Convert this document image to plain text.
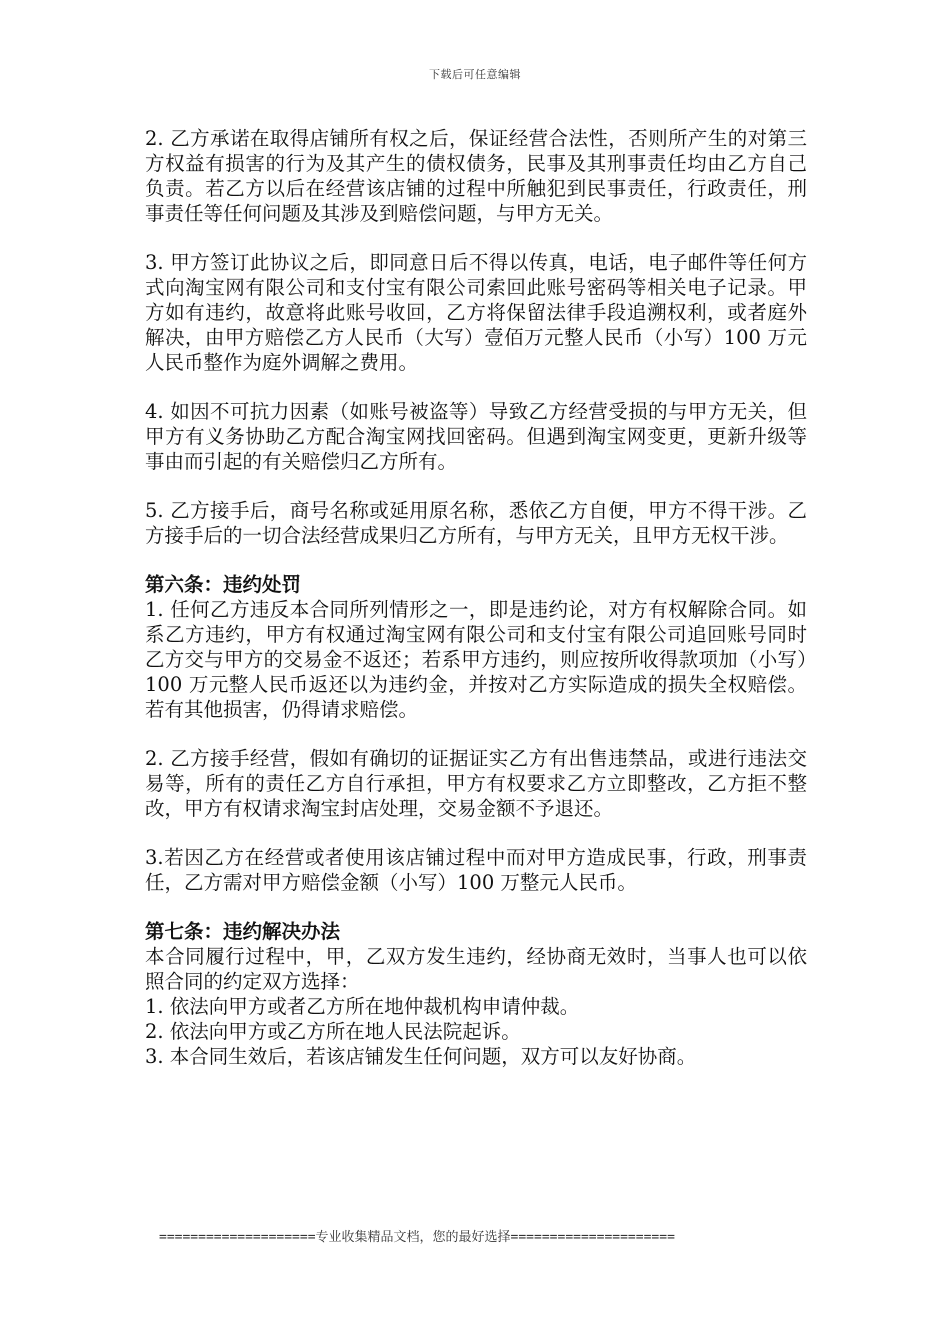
下载后可任意编辑

2. 乙方承诺在取得店铺所有权之后，保证经营合法性，否则所产生的对第三方权益有损害的行为及其产生的债权债务，民事及其刑事责任均由乙方自己负责。若乙方以后在经营该店铺的过程中所触犯到民事责任，行政责任，刑事责任等任何问题及其涉及到赔偿问题，与甲方无关。

3. 甲方签订此协议之后，即同意日后不得以传真，电话，电子邮件等任何方式向淘宝网有限公司和支付宝有限公司索回此账号密码等相关电子记录。甲方如有违约，故意将此账号收回，乙方将保留法律手段追溯权利，或者庭外解决，由甲方赔偿乙方人民币（大写）壹佰万元整人民币（小写）100 万元人民币整作为庭外调解之费用。

4. 如因不可抗力因素（如账号被盗等）导致乙方经营受损的与甲方无关，但甲方有义务协助乙方配合淘宝网找回密码。但遇到淘宝网变更，更新升级等事由而引起的有关赔偿归乙方所有。

5. 乙方接手后，商号名称或延用原名称，悉依乙方自便，甲方不得干涉。乙方接手后的一切合法经营成果归乙方所有，与甲方无关，且甲方无权干涉。

第六条：违约处罚

1. 任何乙方违反本合同所列情形之一，即是违约论，对方有权解除合同。如系乙方违约，甲方有权通过淘宝网有限公司和支付宝有限公司追回账号同时乙方交与甲方的交易金不返还；若系甲方违约，则应按所收得款项加（小写）100 万元整人民币返还以为违约金，并按对乙方实际造成的损失全权赔偿。若有其他损害，仍得请求赔偿。

2. 乙方接手经营，假如有确切的证据证实乙方有出售违禁品，或进行违法交易等，所有的责任乙方自行承担，甲方有权要求乙方立即整改，乙方拒不整改，甲方有权请求淘宝封店处理，交易金额不予退还。

3.若因乙方在经营或者使用该店铺过程中而对甲方造成民事，行政，刑事责任，乙方需对甲方赔偿金额（小写）100 万整元人民币。

第七条：违约解决办法

本合同履行过程中，甲，乙双方发生违约，经协商无效时，当事人也可以依照合同的约定双方选择：

1. 依法向甲方或者乙方所在地仲裁机构申请仲裁。
2. 依法向甲方或乙方所在地人民法院起诉。
3. 本合同生效后，若该店铺发生任何问题，双方可以友好协商。
====================专业收集精品文档，您的最好选择=====================
